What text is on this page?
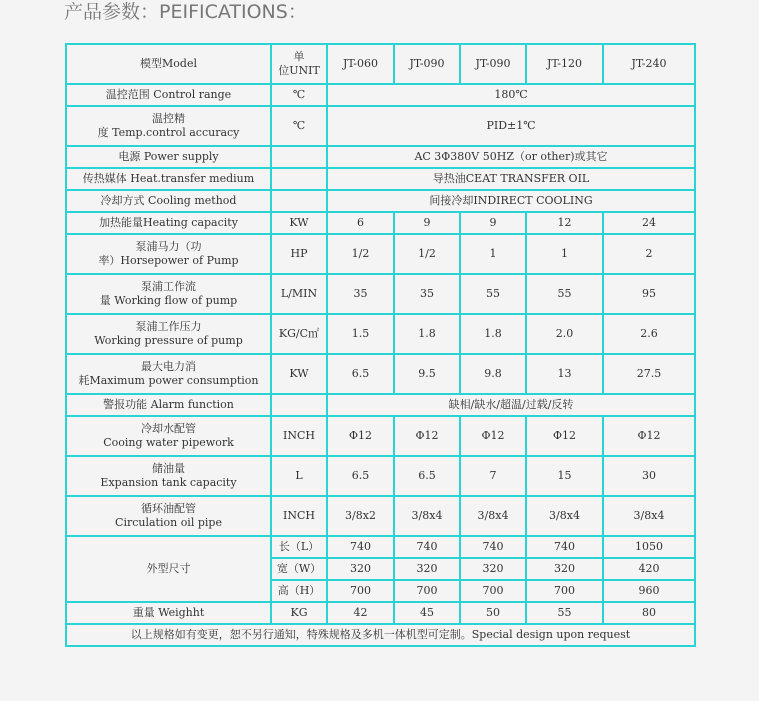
产品参数：PEIFICATIONS：
模型Model	单
位UNIT	JT-060	JT-090	JT-090	JT-120	JT-240
温控范围 Control range	℃	180℃				

温控精
度 Temp.control accuracy	℃	PID±1℃				
电源 Power supply		AC 3Φ380V 50HZ（or other)或其它				
传热媒体 Heat.transfer medium		导热油CEAT TRANSFER OIL				
冷却方式 Cooling method		间接冷却INDIRECT COOLING				
加热能量Heating capacity	KW	6	9	9	12	24

泵浦马力（功
率）Horsepower of Pump	HP	1/2	1/2	1	1	2

泵浦工作流
量 Working flow of pump	L/MIN	35	35	55	55	95

泵浦工作压力
Working pressure of pump	KG/C㎡	1.5	1.8	1.8	2.0	2.6

最大电力消
耗Maximum power consumption	KW	6.5	9.5	9.8	13	27.5
警报功能 Alarm function		缺相/缺水/超温/过载/反转				

冷却水配管
Cooing water pipework	INCH	Φ12	Φ12	Φ12	Φ12	Φ12

储油量
Expansion tank capacity	L	6.5	6.5	7	15	30

循环油配管
Circulation oil pipe	INCH	3/8x2	3/8x4	3/8x4	3/8x4	3/8x4
外型尺寸	长（L）	740	740	740	740	1050
	宽（W）	320	320	320	320	420
	高（H）	700	700	700	700	960
重量 Weighht	KG	42	45	50	55	80
以上规格如有变更，恕不另行通知，特殊规格及多机一体机型可定制。Special design upon request						
